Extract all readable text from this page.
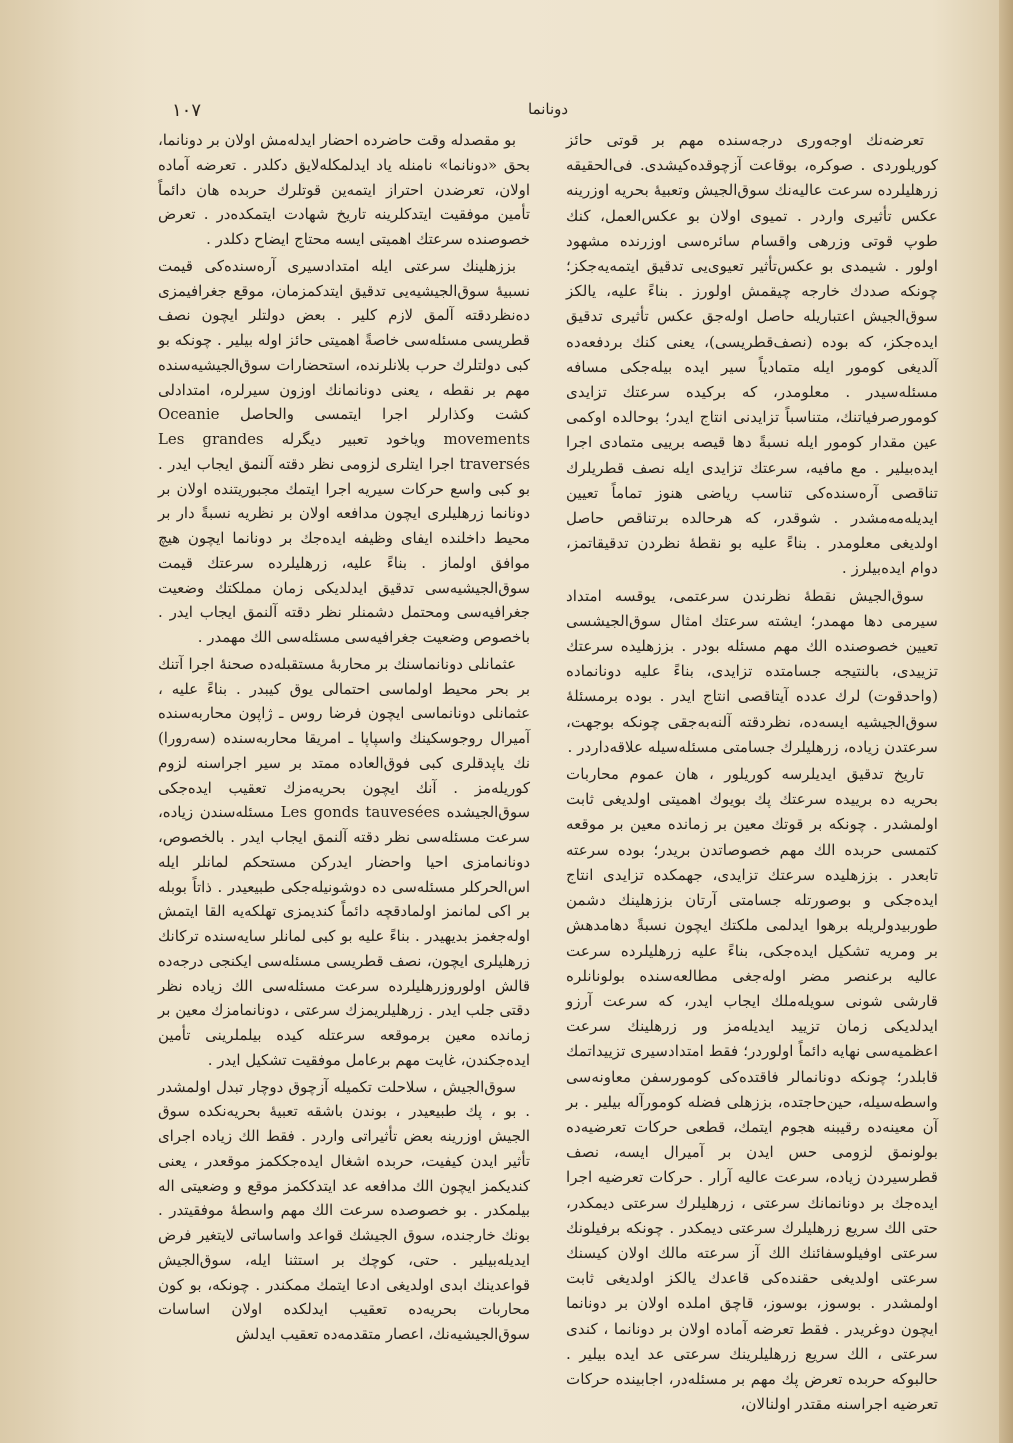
١٠٧	دونانما

تعرضەنك اوجەوری درجەسندە مهم بر قوتی حائز كوريلوردی . صوكرە، بوقاعت آزچوقدەكیشدی. فی‌الحقیقە زرهلیلردە سرعت عالیەنك سوق‌الجیش وتعبیۀ بحریە اوزرینە عكس تأثیری واردر . تمیوی اولان بو عكس‌العمل، كنك طوپ قوتی وزرهی واقسام سائرەسی اوزرندە مشهود اولور . شیمدی بو عكس‌تأثیر تعیوی‌یی تدقیق ایتمەیەجكز؛ چونكە صددك خارجە چیقمش اولورز . بناءً علیه، یالكز سوق‌الجیش اعتباریلە حاصل اولەجق عكس تأثیری تدقیق ایدەجكز، كە بودە (نصف‌قطریسی)، یعنی كنك بردفعەدە آلدیغی كومور ایلە متمادیاً سیر ایدە بیلەجكی مسافە مسئلەسیدر . معلومدر، كە بركیدە سرعتك تزایدی كومورصرفیاتنك، متناسباً تزایدنی انتاج ایدر؛ بوحالدە اوكمی عین مقدار كومور ایلە نسبةً دها قیصە برییی متمادی اجرا ایدەبیلیر . مع مافیە، سرعتك تزایدی ایلە نصف قطریلرك تناقصی آرەسندەكی تناسب ریاضی هنوز تماماً تعیین ایدیلەمەمشدر . شوقدر، كە هرحالدە برتناقص حاصل اولدیغی معلومدر . بناءً علیه بو نقطهٔ نظردن تدقیقاتمز، دوام ایدەبیلرز .

سوق‌الجیش نقطهٔ نظرندن سرعتمی، یوقسە امتداد سیرمی دها مهمدر؛ ایشتە سرعتك امثال سوق‌الجیشسی تعیین خصوصندە الك مهم مسئلە بودر . بززهلیدە سرعتك تزییدی، بالنتیجە جسامتدە تزایدی، بناءً علیه دونانمادە (واحدقوت) لرك عددە آیتاقصی انتاج ایدر . بودە برمسئلهٔ سوق‌الجیشیە ایسەدە، نظردقتە آلنەبەجقی چونكە بوجهت، سرعتدن زیادە، زرهلیلرك جسامتی مسئلەسیلە علاقەداردر .

تاریخ تدقیق ایدیلرسە كوریلور ، هان عموم محاربات بحریە دە برییدە سرعتك پك بویوك اهمیتی اولدیغی ثابت اولمشدر . چونكە بر قوتك معین بر زماندە معین بر موقعە كتمسی حربدە الك مهم خصوصاتدن بریدر؛ بودە سرعتە تابعدر . بززهلیدە سرعتك تزایدی، جهمكدە تزایدی انتاج ایدەجكی و بوصورتلە جسامتی آرتان بززهلینك دشمن طوربیدولریلە برهوا ایدلمی ملكتك ایچون نسبةً دهامدهش بر ومریە تشكیل ایدەجكی، بناءً علیه زرهلیلردە سرعت عالیە برعنصر مضر اولەجغی مطالعەسندە بولونانلرە قارشی شونی سویلەملك ایجاب ایدر، كە سرعت آرزو ایدلدیكی زمان تزیید ایدیلەمز ور زرهلینك سرعت اعظمیەسی نهایە دائماً اولوردر؛ فقط امتدادسیری تزییداتمك قابلدر؛ چونكە دونانمالر فاقتدەكی كومورسفن معاونەسی واسطەسیلە، حین‌حاجتدە، بززهلی فضلە كومورآلە بیلیر . بر آن معینەدە رقیبنە هجوم ایتمك، قطعی حركات تعرضیەدە بولونمق لزومی حس ایدن بر آمیرال ایسە، نصف قطرسیردن زیادە، سرعت عالیە آرار . حركات تعرضیە اجرا ایدەجك بر دونانمانك سرعتی ، زرهلیلرك سرعتی دیمكدر، حتی الك سریع زرهلیلرك سرعتی دیمكدر . چونكە برفیلونك سرعتی اوفیلوسفائنك الك آز سرعتە مالك اولان كیسنك سرعتی اولدیغی حقندەكی قاعدك یالكز اولدیغی ثابت اولمشدر . بوسوز، بوسوز، قاچق املدە اولان بر دونانما ایچون دوغریدر . فقط تعرضە آمادە اولان بر دونانما ، كندی سرعتی ، الك سریع زرهلیلرینك سرعتی عد ایدە بیلیر . حالبوكە حربدە تعرض پك مهم بر مسئلەدر، اجابیندە حركات تعرضیە اجراسنە مقتدر اولنالان،

بو مقصدلە وقت حاضردە احضار ایدلەمش اولان بر دونانما، بحق «دونانما» نامنلە یاد ایدلمكلەلایق دكلدر . تعرضە آمادە اولان، تعرضدن احتراز ایتمەین قوتلرك حربدە هان دائماً تأمین موفقیت ایتدكلرینە تاریخ شهادت ایتمكدەدر . تعرض خصوصندە سرعتك اهمیتی ایسە محتاج ایضاح دكلدر .

بززهلینك سرعتی ایلە امتدادسیری آرەسندەكی قیمت نسبیهٔ سوق‌الجیشیەیی تدقیق ایتدكمزمان، موقع جغرافیمزی دەنظردقتە آلمق لازم كلیر . بعض دولتلر ایچون نصف قطریسی مسئلەسی خاصةً اهمیتی حائز اولە بیلیر . چونكە بو كبی دولتلرك حرب بلانلرندە، استحضارات سوق‌الجیشیەسندە مهم بر نقطە ، یعنی دونانمانك اوزون سیرلره، امتدادلی كشت وكذارلر اجرا ایتمسی والحاصل Oceanie movements ویاخود تعبیر دیگرلە Les grandes traversés اجرا ایتلری لزومی نظر دقتە آلنمق ایجاب ایدر . بو كبی واسع حركات سیریە اجرا ایتمك مجبوریتندە اولان بر دونانما زرهلیلری ایچون مدافعە اولان بر نظریە نسبةً دار بر محیط داخلندە ایفای وظیفە ایدەجك بر دونانما ایچون هیچ موافق اولماز . بناءً علیه، زرهلیلردە سرعتك قیمت سوق‌الجیشیەسی تدقیق ایدلدیكی زمان مملكتك وضعیت جغرافیەسی ومحتمل دشمنلر نظر دقتە آلنمق ایجاب ایدر . باخصوص وضعیت جغرافیەسی مسئلەسی الك مهمدر .

عثمانلی دونانماسنك بر محاربهٔ مستقبلەدە صحنهٔ اجرا آتنك بر بحر محیط اولماسی احتمالی یوق كیبدر . بناءً علیه ، عثمانلی دونانماسی ایچون فرضا روس ـ ژاپون محاربەسندە آمیرال روجوسكینك واسپاپا ـ امریقا محاربەسندە (سەرورا) نك یاپدقلری كبی فوق‌العادە ممتد بر سیر اجراسنە لزوم كوریلەمز . آنك ایچون بحریەمزك تعقیب ایدەجكی سوق‌الجیشدە Les gonds tauvesées مسئلەسندن زیادە، سرعت مسئلەسی نظر دقتە آلنمق ایجاب ایدر . بالخصوص، دونانمامزی احیا واحضار ایدركن مستحكم لمانلر ایلە اس‌الحركلر مسئلەسی دە دوشونیلەجكی طبیعیدر . ذاتاً بوبلە بر اكی لمانمز اولمادقچە دائماً كندیمزی تهلكەیە القا ایتمش اولەجغمز بدیهیدر . بناءً علیه بو كبی لمانلر سایەسندە تركانك زرهلیلری ایچون، نصف قطریسی مسئلەسی ایكنجی درجەدە قالش اولوروزرهلیلردە سرعت مسئلەسی الك زیادە نظر دقتی جلب ایدر . زرهلیلریمزك سرعتی ، دونانمامزك معین بر زماندە معین برموقعە سرعتلە كیدە بیلملرینی تأمین ایدەجكندن، غایت مهم برعامل موفقیت تشكیل ایدر .

سوق‌الجیش ، سلاحلت تكمیلە آزچوق دوچار تبدل اولمشدر . بو ، پك طبیعیدر ، بوندن باشقە تعبیهٔ بحریەنكدە سوق الجیش اوزرینە بعض تأثیراتی واردر . فقط الك زیادە اجرای تأثیر ایدن كیفیت، حربدە اشغال ایدەجككمز موقعدر ، یعنی كندیكمز ایچون الك مدافعە عد ایتدككمز موقع و وضعیتی الە بیلمكدر . بو خصوصدە سرعت الك مهم واسطهٔ موفقیتدر . بونك خارجندە، سوق الجیشك قواعد واساساتی لایتغیر فرض ایدیلەبیلیر . حتی، كوچك بر استثنا ایلە، سوق‌الجیش قواعدینك ابدی اولدیغی ادعا ایتمك ممكندر . چونكە، بو كون محاربات بحریەدە تعقیب ایدلكدە اولان اساسات سوق‌الجیشیەنك، اعصار متقدمەدە تعقیب ایدلش
